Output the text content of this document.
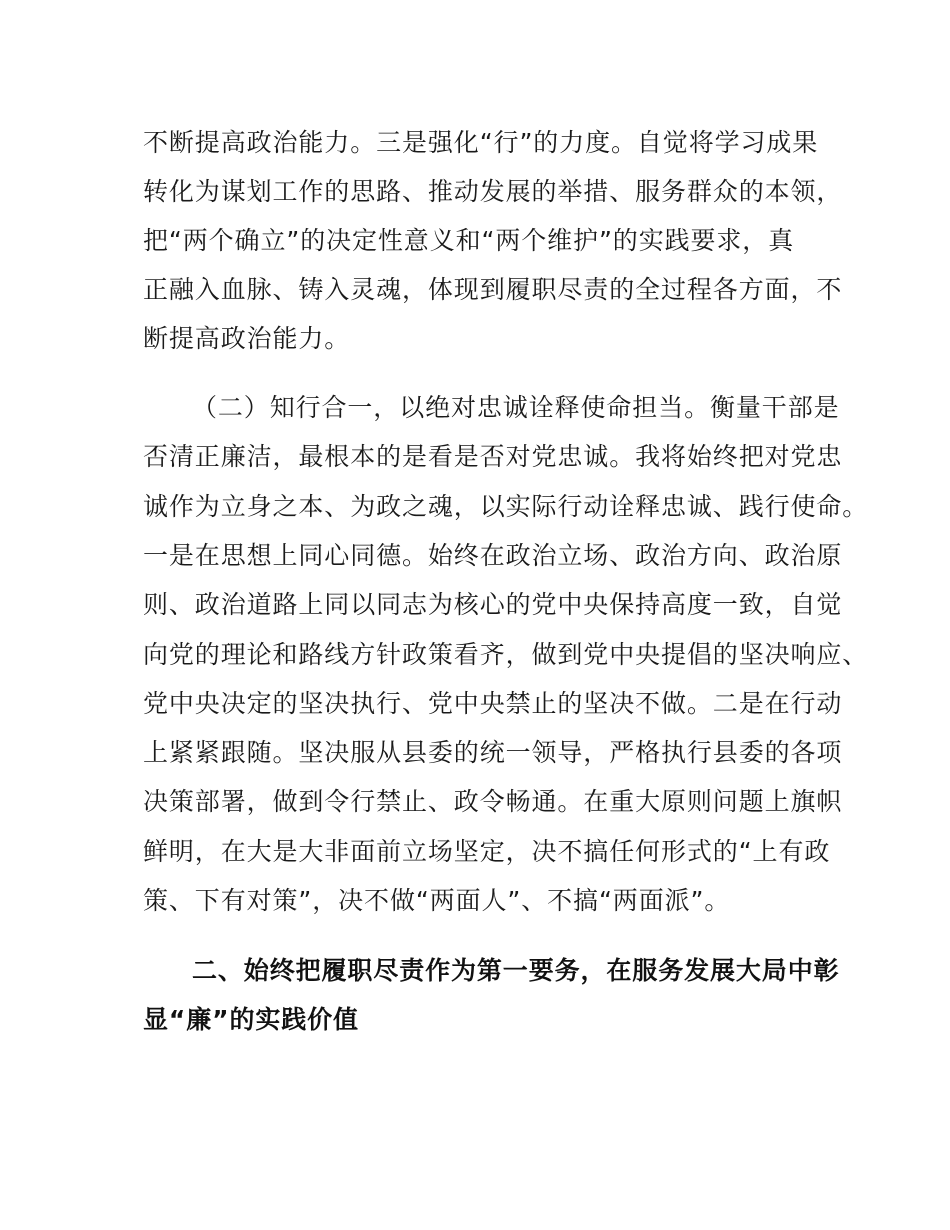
不断提高政治能力。三是强化“行”的力度。自觉将学习成果
转化为谋划工作的思路、推动发展的举措、服务群众的本领，
把“两个确立”的决定性意义和“两个维护”的实践要求，真
正融入血脉、铸入灵魂，体现到履职尽责的全过程各方面，不
断提高政治能力。
（二）知行合一，以绝对忠诚诠释使命担当。衡量干部是
否清正廉洁，最根本的是看是否对党忠诚。我将始终把对党忠
诚作为立身之本、为政之魂，以实际行动诠释忠诚、践行使命。
一是在思想上同心同德。始终在政治立场、政治方向、政治原
则、政治道路上同以同志为核心的党中央保持高度一致，自觉
向党的理论和路线方针政策看齐，做到党中央提倡的坚决响应、
党中央决定的坚决执行、党中央禁止的坚决不做。二是在行动
上紧紧跟随。坚决服从县委的统一领导，严格执行县委的各项
决策部署，做到令行禁止、政令畅通。在重大原则问题上旗帜
鲜明，在大是大非面前立场坚定，决不搞任何形式的“上有政
策、下有对策”，决不做“两面人”、不搞“两面派”。
二、始终把履职尽责作为第一要务，在服务发展大局中彰
显“廉”的实践价值
